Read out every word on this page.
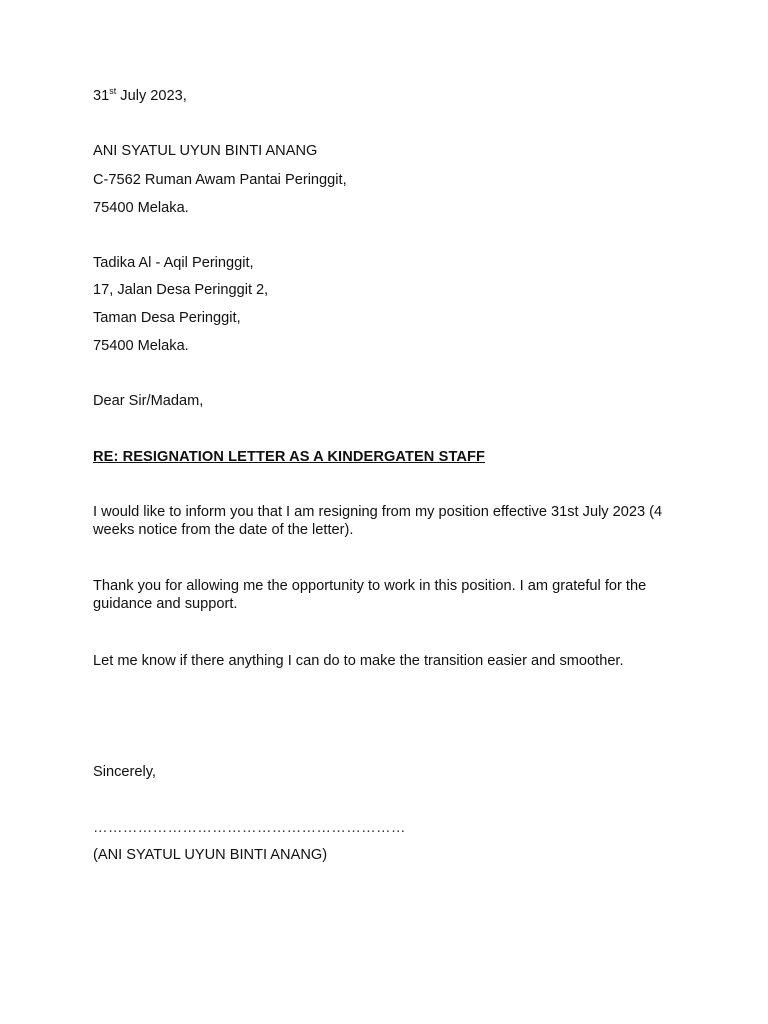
31st July 2023,
ANI SYATUL UYUN BINTI ANANG
C-7562 Ruman Awam Pantai Peringgit,
75400 Melaka.
Tadika Al - Aqil Peringgit,
17, Jalan Desa Peringgit 2,
Taman Desa Peringgit,
75400 Melaka.
Dear Sir/Madam,
RE: RESIGNATION LETTER AS A KINDERGATEN STAFF
I would like to inform you that I am resigning from my position effective 31st July 2023 (4 weeks notice from the date of the letter).
Thank you for allowing me the opportunity to work in this position. I am grateful for the guidance and support.
Let me know if there anything I can do to make the transition easier and smoother.
Sincerely,
………………………………………………………
(ANI SYATUL UYUN BINTI ANANG)
